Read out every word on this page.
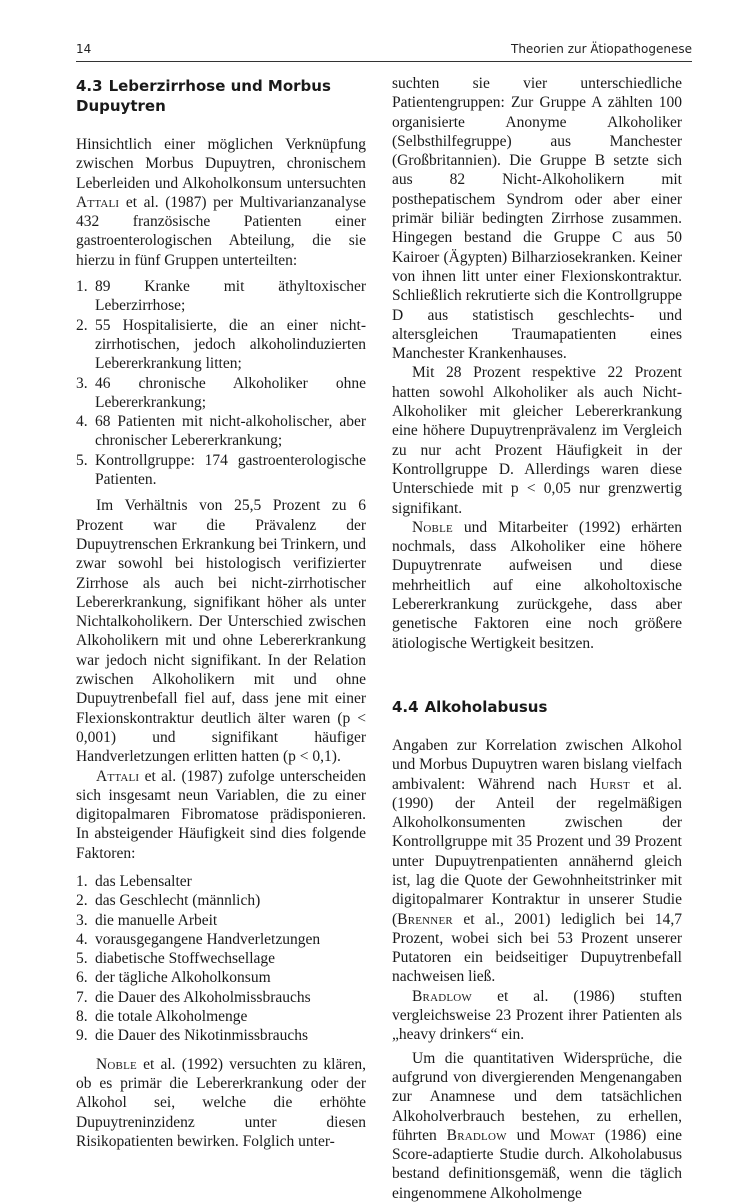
14	Theorien zur Ätiopathogenese
4.3 Leberzirrhose und Morbus
Dupuytren

Hinsichtlich einer möglichen Verknüpfung zwischen Morbus Dupuytren, chronischem Leberleiden und Alkoholkonsum untersuchten Attali et al. (1987) per Multivarianzanalyse 432 französische Patienten einer gastroenterologischen Abteilung, die sie hierzu in fünf Gruppen unterteilten:

1. 89 Kranke mit äthyltoxischer Leberzirrhose;
2. 55 Hospitalisierte, die an einer nicht-zirrhotischen, jedoch alkoholinduzierten Lebererkrankung litten;
3. 46 chronische Alkoholiker ohne Lebererkrankung;
4. 68 Patienten mit nicht-alkoholischer, aber chronischer Lebererkrankung;
5. Kontrollgruppe: 174 gastroenterologische Patienten.

Im Verhältnis von 25,5 Prozent zu 6 Prozent war die Prävalenz der Dupuytrenschen Erkrankung bei Trinkern, und zwar sowohl bei histologisch verifizierter Zirrhose als auch bei nicht-zirrhotischer Lebererkrankung, signifikant höher als unter Nichtalkoholikern. Der Unterschied zwischen Alkoholikern mit und ohne Lebererkrankung war jedoch nicht signifikant. In der Relation zwischen Alkoholikern mit und ohne Dupuytrenbefall fiel auf, dass jene mit einer Flexionskontraktur deutlich älter waren (p < 0,001) und signifikant häufiger Handverletzungen erlitten hatten (p < 0,1).

Attali et al. (1987) zufolge unterscheiden sich insgesamt neun Variablen, die zu einer digitopalmaren Fibromatose prädisponieren. In absteigender Häufigkeit sind dies folgende Faktoren:

1. das Lebensalter
2. das Geschlecht (männlich)
3. die manuelle Arbeit
4. vorausgegangene Handverletzungen
5. diabetische Stoffwechsellage
6. der tägliche Alkoholkonsum
7. die Dauer des Alkoholmissbrauchs
8. die totale Alkoholmenge
9. die Dauer des Nikotinmissbrauchs

Noble et al. (1992) versuchten zu klären, ob es primär die Lebererkrankung oder der Alkohol sei, welche die erhöhte Dupuytreninzidenz unter diesen Risikopatienten bewirken. Folglich unter-

suchten sie vier unterschiedliche Patientengruppen: Zur Gruppe A zählten 100 organisierte Anonyme Alkoholiker (Selbsthilfegruppe) aus Manchester (Großbritannien). Die Gruppe B setzte sich aus 82 Nicht-Alkoholikern mit posthepatischem Syndrom oder aber einer primär biliär bedingten Zirrhose zusammen. Hingegen bestand die Gruppe C aus 50 Kairoer (Ägypten) Bilharziosekranken. Keiner von ihnen litt unter einer Flexionskontraktur. Schließlich rekrutierte sich die Kontrollgruppe D aus statistisch geschlechts- und altersgleichen Traumapatienten eines Manchester Krankenhauses.

Mit 28 Prozent respektive 22 Prozent hatten sowohl Alkoholiker als auch Nicht-Alkoholiker mit gleicher Lebererkrankung eine höhere Dupuytrenprävalenz im Vergleich zu nur acht Prozent Häufigkeit in der Kontrollgruppe D. Allerdings waren diese Unterschiede mit p < 0,05 nur grenzwertig signifikant.

Noble und Mitarbeiter (1992) erhärten nochmals, dass Alkoholiker eine höhere Dupuytrenrate aufweisen und diese mehrheitlich auf eine alkoholtoxische Lebererkrankung zurückgehe, dass aber genetische Faktoren eine noch größere ätiologische Wertigkeit besitzen.

4.4 Alkoholabusus

Angaben zur Korrelation zwischen Alkohol und Morbus Dupuytren waren bislang vielfach ambivalent: Während nach Hurst et al. (1990) der Anteil der regelmäßigen Alkoholkonsumenten zwischen der Kontrollgruppe mit 35 Prozent und 39 Prozent unter Dupuytrenpatienten annähernd gleich ist, lag die Quote der Gewohnheitstrinker mit digitopalmarer Kontraktur in unserer Studie (Brenner et al., 2001) lediglich bei 14,7 Prozent, wobei sich bei 53 Prozent unserer Putatoren ein beidseitiger Dupuytrenbefall nachweisen ließ.

Bradlow et al. (1986) stuften vergleichsweise 23 Prozent ihrer Patienten als „heavy drinkers“ ein.

Um die quantitativen Widersprüche, die aufgrund von divergierenden Mengenangaben zur Anamnese und dem tatsächlichen Alkoholverbrauch bestehen, zu erhellen, führten Bradlow und Mowat (1986) eine Score-adaptierte Studie durch. Alkoholabusus bestand definitionsgemäß, wenn die täglich eingenommene Alkoholmenge
